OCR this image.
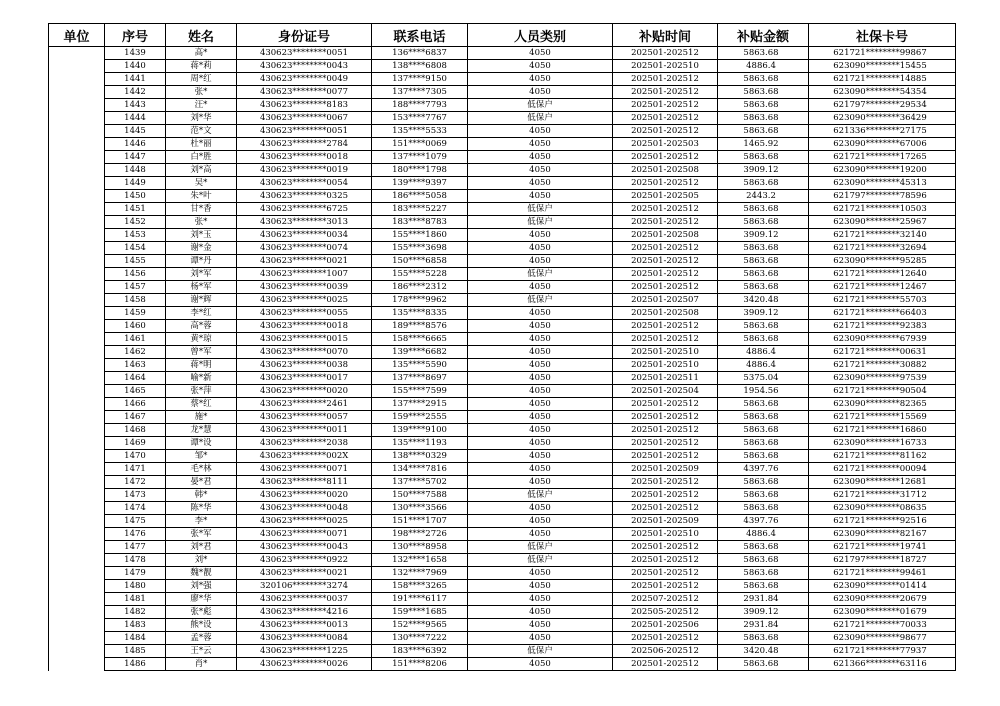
单位	序号	姓名	身份证号	联系电话	人员类别	补贴时间	补贴金额	社保卡号
	1439	高*	430623********0051	136****6837	4050	202501-202512	5863.68	621721********99867
	1440	蒋*莉	430623********0043	138****6808	4050	202501-202510	4886.4	623090********15455
	1441	周*红	430623********0049	137****9150	4050	202501-202512	5863.68	621721********14885
	1442	张*	430623********0077	137****7305	4050	202501-202512	5863.68	623090********54354
	1443	汪*	430623********8183	188****7793	低保户	202501-202512	5863.68	621797********29534
	1444	刘*华	430623********0067	153****7767	低保户	202501-202512	5863.68	623090********36429
	1445	范*文	430623********0051	135****5533	4050	202501-202512	5863.68	621336********27175
	1446	杜*丽	430623********2784	151****0069	4050	202501-202503	1465.92	623090********67006
	1447	白*胜	430623********0018	137****1079	4050	202501-202512	5863.68	621721********17265
	1448	刘*高	430623********0019	180****1798	4050	202501-202508	3909.12	623090********19200
	1449	吴*	430623********0054	139****9397	4050	202501-202512	5863.68	623090********45313
	1450	朱*叶	430623********0325	186****5058	4050	202501-202505	2443.2	621797********78596
	1451	甘*香	430623********6725	183****5227	低保户	202501-202512	5863.68	621721********10503
	1452	张*	430623********3013	183****8783	低保户	202501-202512	5863.68	623090********25967
	1453	刘*玉	430623********0034	155****1860	4050	202501-202508	3909.12	621721********32140
	1454	谢*金	430623********0074	155****3698	4050	202501-202512	5863.68	621721********32694
	1455	谭*丹	430623********0021	150****6858	4050	202501-202512	5863.68	623090********95285
	1456	刘*军	430623********1007	155****5228	低保户	202501-202512	5863.68	621721********12640
	1457	杨*军	430623********0039	186****2312	4050	202501-202512	5863.68	621721********12467
	1458	谢*辉	430623********0025	178****9962	低保户	202501-202507	3420.48	621721********55703
	1459	李*红	430623********0055	135****8335	4050	202501-202508	3909.12	621721********66403
	1460	高*蓉	430623********0018	189****8576	4050	202501-202512	5863.68	621721********92383
	1461	黄*琼	430623********0015	158****6665	4050	202501-202512	5863.68	623090********67939
	1462	曾*军	430623********0070	139****6682	4050	202501-202510	4886.4	621721********00631
	1463	蒋*明	430623********0038	135****5590	4050	202501-202510	4886.4	621721********30882
	1464	喻*新	430623********0017	137****8697	4050	202501-202511	5375.04	623090********97539
	1465	张*萍	430623********0020	155****7599	4050	202501-202504	1954.56	621721********90504
	1466	蔡*红	430623********2461	137****2915	4050	202501-202512	5863.68	623090********82365
	1467	施*	430623********0057	159****2555	4050	202501-202512	5863.68	621721********15569
	1468	龙*慧	430623********0011	139****9100	4050	202501-202512	5863.68	621721********16860
	1469	谭*设	430623********2038	135****1193	4050	202501-202512	5863.68	623090********16733
	1470	邹*	430623********002X	138****0329	4050	202501-202512	5863.68	621721********81162
	1471	毛*林	430623********0071	134****7816	4050	202501-202509	4397.76	621721********00094
	1472	晏*君	430623********8111	137****5702	4050	202501-202512	5863.68	623090********12681
	1473	韩*	430623********0020	150****7588	低保户	202501-202512	5863.68	621721********31712
	1474	陈*华	430623********0048	130****3566	4050	202501-202512	5863.68	623090********08635
	1475	李*	430623********0025	151****1707	4050	202501-202509	4397.76	621721********92516
	1476	张*军	430623********0071	198****2726	4050	202501-202510	4886.4	623090********82167
	1477	刘*君	430623********0043	130****8958	低保户	202501-202512	5863.68	621721********19741
	1478	刘*	430623********0922	132****1658	低保户	202501-202512	5863.68	621797********18727
	1479	魏*靓	430623********0021	132****7969	4050	202501-202512	5863.68	621721********99461
	1480	刘*强	320106********3274	158****3265	4050	202501-202512	5863.68	623090********01414
	1481	廖*华	430623********0037	191****6117	4050	202507-202512	2931.84	623090********20679
	1482	张*彪	430623********4216	159****1685	4050	202505-202512	3909.12	623090********01679
	1483	熊*设	430623********0013	152****9565	4050	202501-202506	2931.84	621721********70033
	1484	孟*蓉	430623********0084	130****7222	4050	202501-202512	5863.68	623090********98677
	1485	王*云	430623********1225	183****6392	低保户	202506-202512	3420.48	621721********77937
	1486	肖*	430623********0026	151****8206	4050	202501-202512	5863.68	621366********63116
